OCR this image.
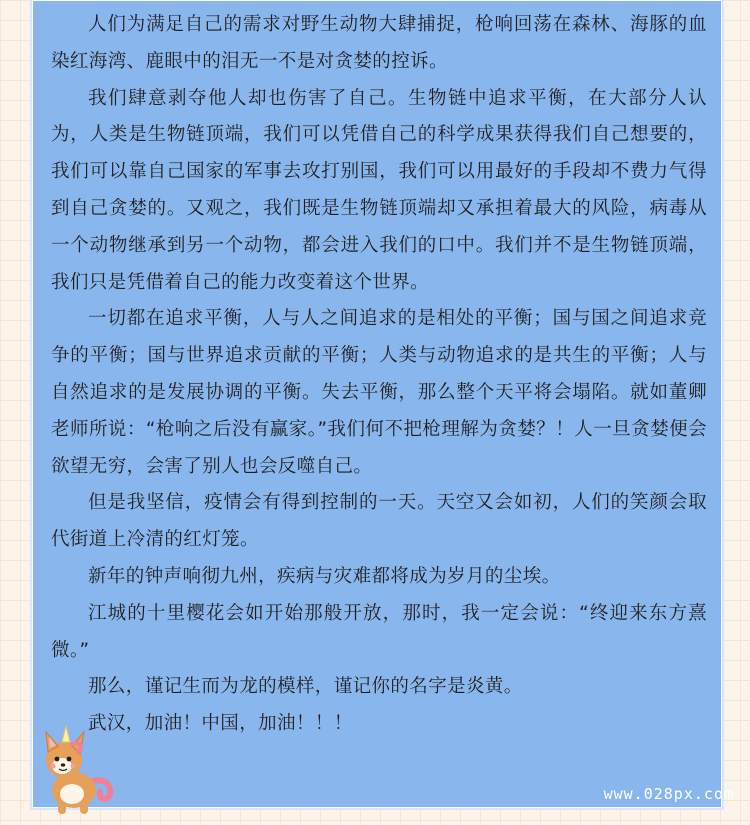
人们为满足自己的需求对野生动物大肆捕捉，枪响回荡在森林、海豚的血染红海湾、鹿眼中的泪无一不是对贪婪的控诉。

我们肆意剥夺他人却也伤害了自己。生物链中追求平衡，在大部分人认为，人类是生物链顶端，我们可以凭借自己的科学成果获得我们自己想要的，我们可以靠自己国家的军事去攻打别国，我们可以用最好的手段却不费力气得到自己贪婪的。又观之，我们既是生物链顶端却又承担着最大的风险，病毒从一个动物继承到另一个动物，都会进入我们的口中。我们并不是生物链顶端，我们只是凭借着自己的能力改变着这个世界。

一切都在追求平衡，人与人之间追求的是相处的平衡；国与国之间追求竞争的平衡；国与世界追求贡献的平衡；人类与动物追求的是共生的平衡；人与自然追求的是发展协调的平衡。失去平衡，那么整个天平将会塌陷。就如董卿老师所说：“枪响之后没有赢家。”我们何不把枪理解为贪婪？！人一旦贪婪便会欲望无穷，会害了别人也会反噬自己。

但是我坚信，疫情会有得到控制的一天。天空又会如初，人们的笑颜会取代街道上冷清的红灯笼。

新年的钟声响彻九州，疾病与灾难都将成为岁月的尘埃。

江城的十里樱花会如开始那般开放，那时，我一定会说：“终迎来东方熹微。”

那么，谨记生而为龙的模样，谨记你的名字是炎黄。

武汉，加油！中国，加油！！！

www.028px.com
